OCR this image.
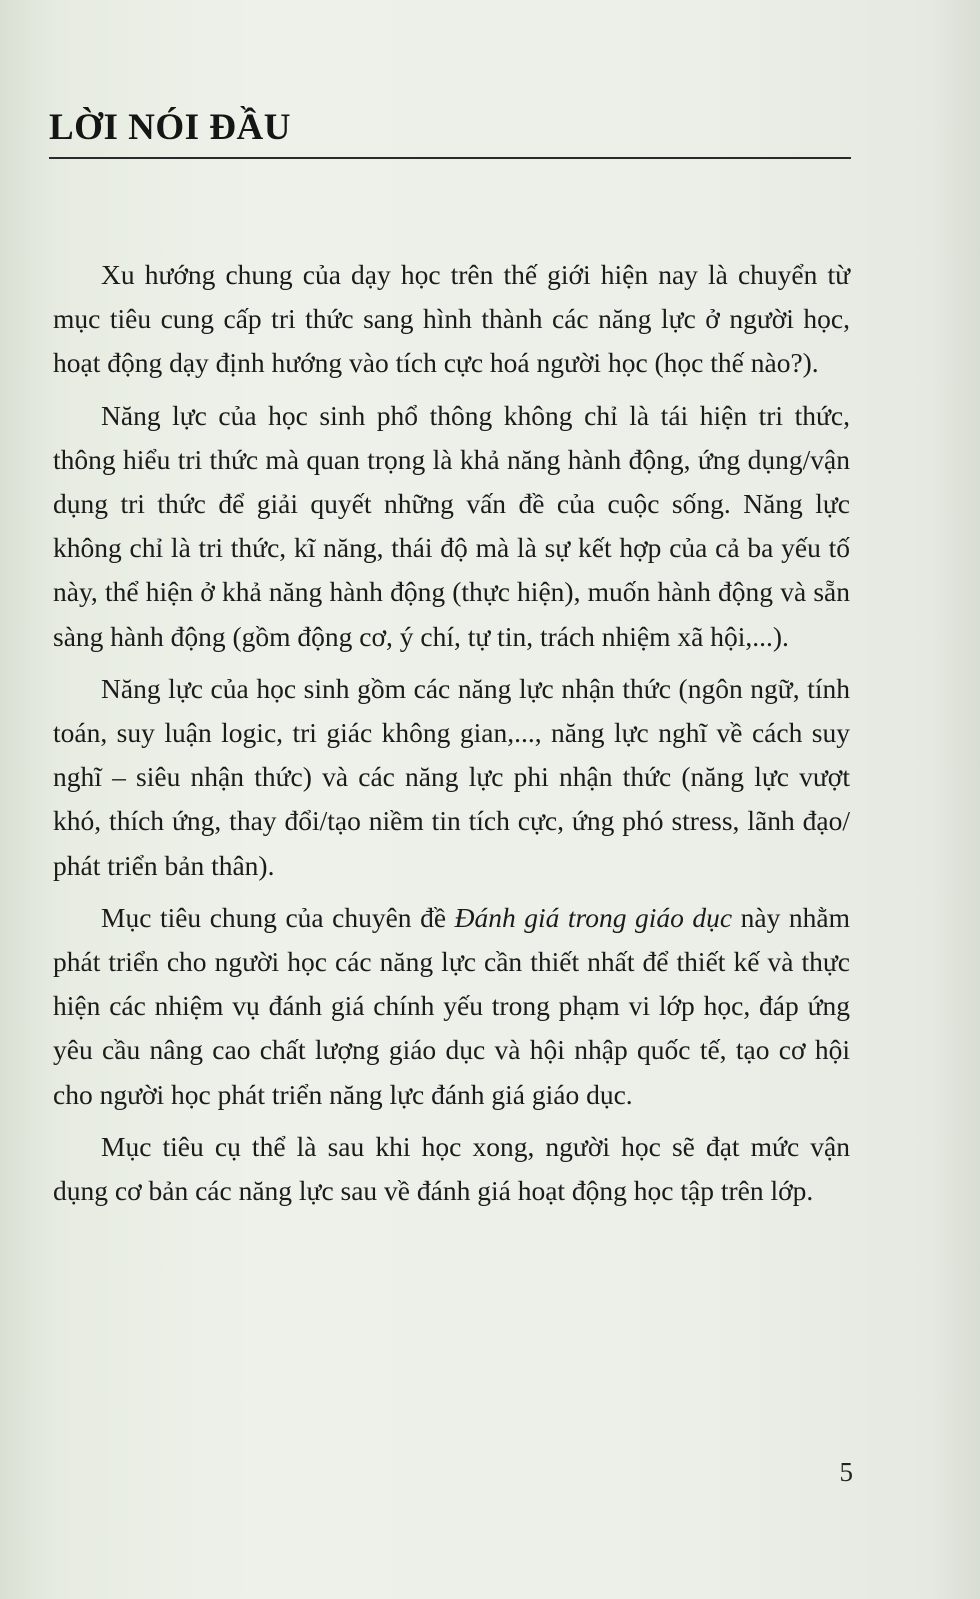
LỜI NÓI ĐẦU

Xu hướng chung của dạy học trên thế giới hiện nay là chuyển từ mục tiêu cung cấp tri thức sang hình thành các năng lực ở người học, hoạt động dạy định hướng vào tích cực hoá người học (học thế nào?).

Năng lực của học sinh phổ thông không chỉ là tái hiện tri thức, thông hiểu tri thức mà quan trọng là khả năng hành động, ứng dụng/vận dụng tri thức để giải quyết những vấn đề của cuộc sống. Năng lực không chỉ là tri thức, kĩ năng, thái độ mà là sự kết hợp của cả ba yếu tố này, thể hiện ở khả năng hành động (thực hiện), muốn hành động và sẵn sàng hành động (gồm động cơ, ý chí, tự tin, trách nhiệm xã hội,...).

Năng lực của học sinh gồm các năng lực nhận thức (ngôn ngữ, tính toán, suy luận logic, tri giác không gian,..., năng lực nghĩ về cách suy nghĩ – siêu nhận thức) và các năng lực phi nhận thức (năng lực vượt khó, thích ứng, thay đổi/tạo niềm tin tích cực, ứng phó stress, lãnh đạo/ phát triển bản thân).

Mục tiêu chung của chuyên đề Đánh giá trong giáo dục này nhằm phát triển cho người học các năng lực cần thiết nhất để thiết kế và thực hiện các nhiệm vụ đánh giá chính yếu trong phạm vi lớp học, đáp ứng yêu cầu nâng cao chất lượng giáo dục và hội nhập quốc tế, tạo cơ hội cho người học phát triển năng lực đánh giá giáo dục.

Mục tiêu cụ thể là sau khi học xong, người học sẽ đạt mức vận dụng cơ bản các năng lực sau về đánh giá hoạt động học tập trên lớp.

5
